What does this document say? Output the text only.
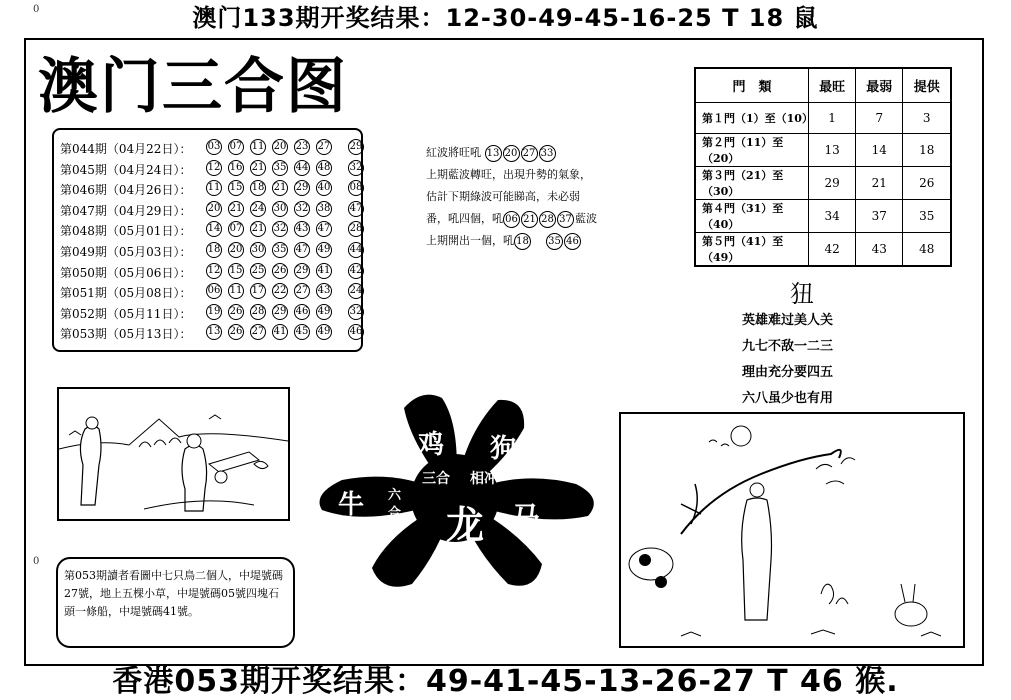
0
0
澳门133期开奖结果：12-30-49-45-16-25 T 18 鼠
澳门三合图
第044期（04月22日）： 03 07 11 20 23 27 29
第045期（04月24日）： 12 16 21 35 44 48 32
第046期（04月26日）： 11 15 18 21 29 40 08
第047期（04月29日）： 20 21 24 30 32 38 47
第048期（05月01日）： 14 07 21 32 43 47 28
第049期（05月03日）： 18 20 30 35 47 49 44
第050期（05月06日）： 12 15 25 26 29 41 42
第051期（05月08日）： 06 11 17 22 27 43 24
第052期（05月11日）： 19 26 28 29 46 49 32
第053期（05月13日）： 13 26 27 41 45 49 46
紅波將旺吼 13 20 27 33
上期藍波轉旺，出現升勢的氣象，
估計下期綠波可能睇高，未必弱
番，吼四個，吼 06 21 28 37 藍波
上期開出一個，吼 18 35 46
門　類	最旺	最弱	提供
第１門（1）至（10）	1	7	3
第２門（11）至（20）	13	14	18
第３門（21）至（30）	29	21	26
第４門（31）至（40）	34	37	35
第５門（41）至（49）	42	43	48
狃
英雄难过美人关
九七不敌一二三
理由充分要四五
六八虽少也有用
鸡 狗
三合 相冲
牛 六
合 龙 马
第053期讀者看圖中七只鳥二個人，中堤號碼27號，地上五棵小草，中堤號碼05號四塊石頭一條船，中堤號碼41號。
香港053期开奖结果：49-41-45-13-26-27 T 46 猴.
